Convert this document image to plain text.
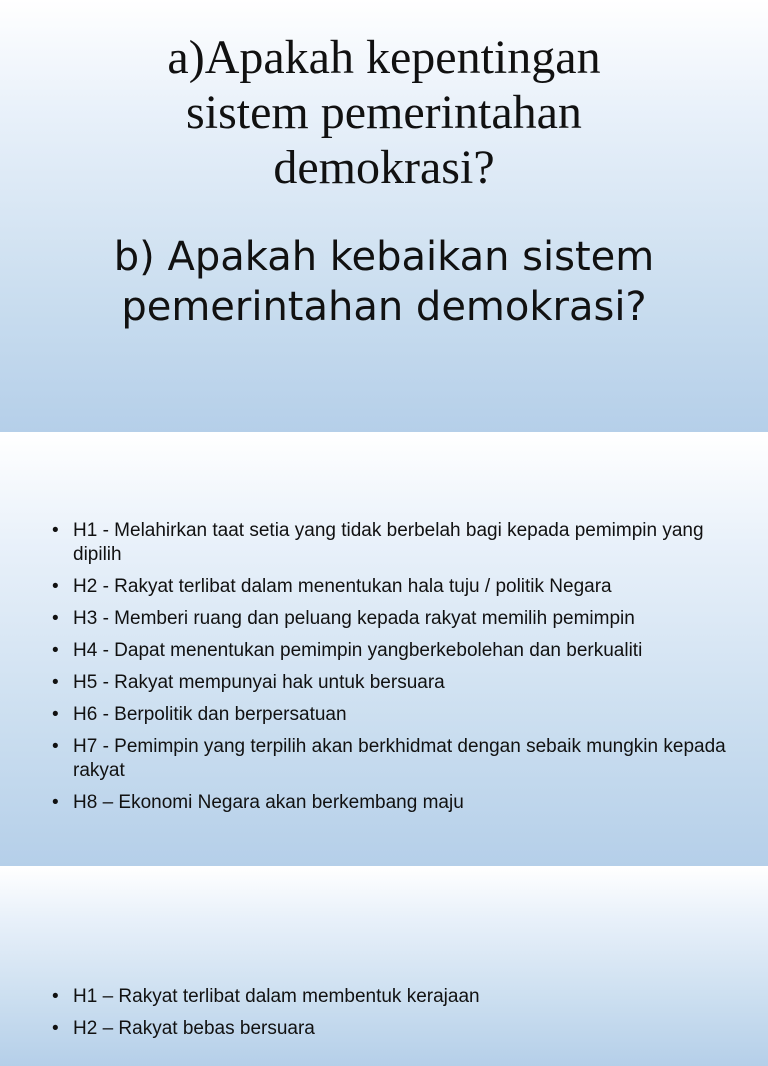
a)Apakah kepentingan
sistem pemerintahan
demokrasi?
b) Apakah kebaikan sistem
pemerintahan demokrasi?
• H1 - Melahirkan taat setia yang tidak berbelah bagi kepada pemimpin yang dipilih
• H2 - Rakyat terlibat dalam menentukan hala tuju / politik Negara
• H3 - Memberi ruang dan peluang kepada rakyat memilih pemimpin
• H4 - Dapat menentukan pemimpin yangberkebolehan dan berkualiti
• H5 - Rakyat mempunyai hak untuk bersuara
• H6 - Berpolitik dan berpersatuan
• H7 - Pemimpin yang terpilih akan berkhidmat dengan sebaik mungkin kepada rakyat
• H8 – Ekonomi Negara akan berkembang maju
• H1 – Rakyat terlibat dalam membentuk kerajaan
• H2 – Rakyat bebas bersuara
